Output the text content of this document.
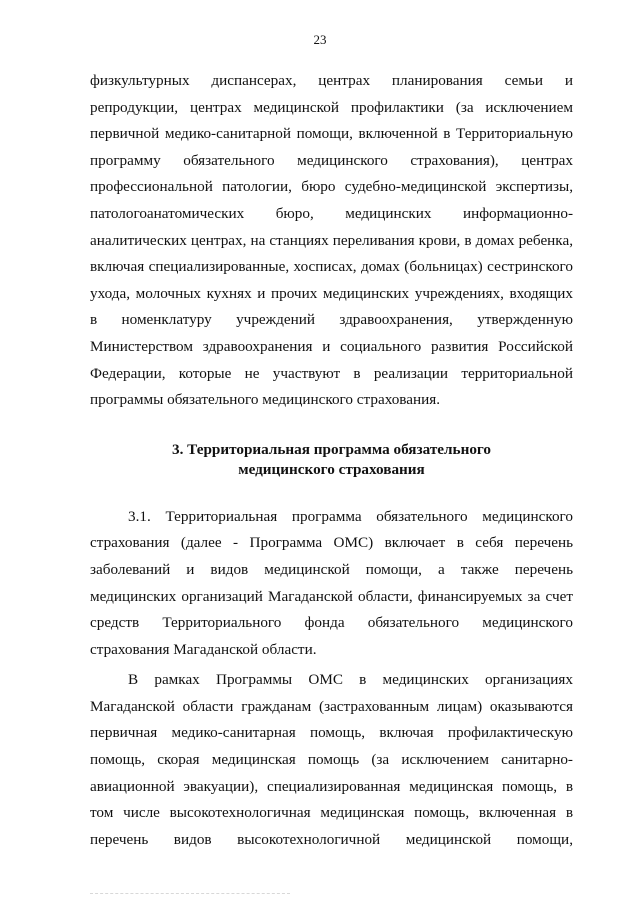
23
физкультурных диспансерах, центрах планирования семьи и
репродукции, центрах медицинской профилактики (за исключением
первичной медико-санитарной помощи, включенной в Территориальную
программу обязательного медицинского страхования), центрах
профессиональной патологии, бюро судебно-медицинской экспертизы,
патологоанатомических бюро, медицинских информационно-
аналитических центрах, на станциях переливания крови, в домах ребенка,
включая специализированные, хосписах, домах (больницах) сестринского
ухода, молочных кухнях и прочих медицинских учреждениях, входящих
в номенклатуру учреждений здравоохранения, утвержденную
Министерством здравоохранения и социального развития Российской
Федерации, которые не участвуют в реализации территориальной
программы обязательного медицинского страхования.
3. Территориальная программа обязательного
медицинского страхования
3.1. Территориальная программа обязательного медицинского
страхования (далее - Программа ОМС) включает в себя перечень
заболеваний и видов медицинской помощи, а также перечень
медицинских организаций Магаданской области, финансируемых за счет
средств Территориального фонда обязательного медицинского
страхования Магаданской области.
В рамках Программы ОМС в медицинских организациях
Магаданской области гражданам (застрахованным лицам) оказываются
первичная медико-санитарная помощь, включая профилактическую
помощь, скорая медицинская помощь (за исключением санитарно-
авиационной эвакуации), специализированная медицинская помощь, в
том числе высокотехнологичная медицинская помощь, включенная в
перечень видов высокотехнологичной медицинской помощи,
